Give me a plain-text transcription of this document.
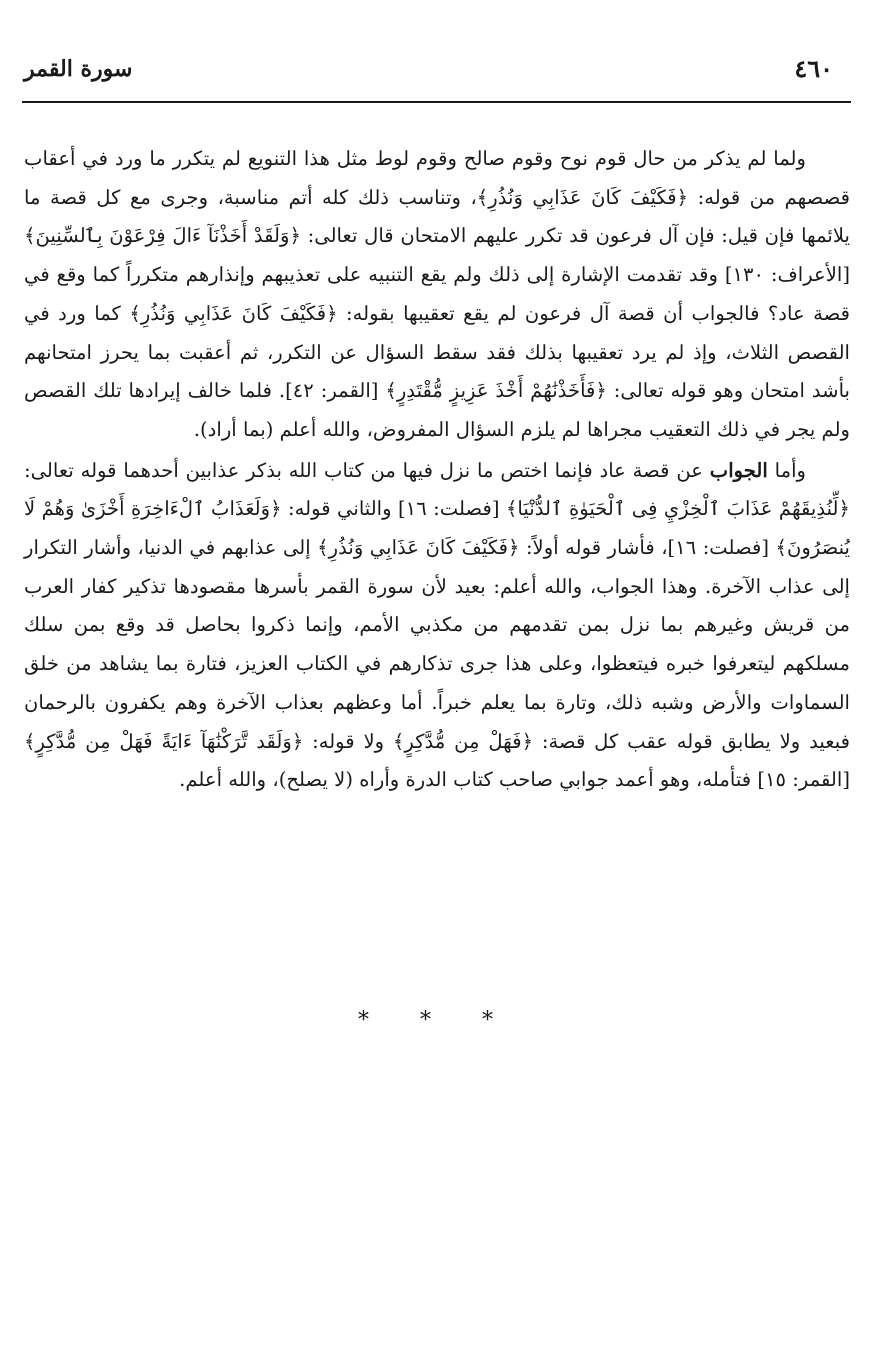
٤٦٠
سورة القمر

ولما لم يذكر من حال قوم نوح وقوم صالح وقوم لوط مثل هذا التنويع لم يتكرر ما ورد في أعقاب قصصهم من قوله: ﴿فَكَيْفَ كَانَ عَذَابِي وَنُذُرِ﴾، وتناسب ذلك كله أتم مناسبة، وجرى مع كل قصة ما يلائمها فإن قيل: فإن آل فرعون قد تكرر عليهم الامتحان قال تعالى: ﴿وَلَقَدْ أَخَذْنَآ ءَالَ فِرْعَوْنَ بِٱلسِّنِينَ﴾ [الأعراف: ١٣٠] وقد تقدمت الإشارة إلى ذلك ولم يقع التنبيه على تعذيبهم وإنذارهم متكرراً كما وقع في قصة عاد؟ فالجواب أن قصة آل فرعون لم يقع تعقيبها بقوله: ﴿فَكَيْفَ كَانَ عَذَابِي وَنُذُرِ﴾ كما ورد في القصص الثلاث، وإذ لم يرد تعقيبها بذلك فقد سقط السؤال عن التكرر، ثم أعقبت بما يحرز امتحانهم بأشد امتحان وهو قوله تعالى: ﴿فَأَخَذْنَٰهُمْ أَخْذَ عَزِيزٍ مُّقْتَدِرٍ﴾ [القمر: ٤٢]. فلما خالف إيرادها تلك القصص ولم يجر في ذلك التعقيب مجراها لم يلزم السؤال المفروض، والله أعلم (بما أراد).

وأما الجواب عن قصة عاد فإنما اختص ما نزل فيها من كتاب الله بذكر عذابين أحدهما قوله تعالى: ﴿لِّنُذِيقَهُمْ عَذَابَ ٱلْخِزْيِ فِى ٱلْحَيَوٰةِ ٱلدُّنْيَا﴾ [فصلت: ١٦] والثاني قوله: ﴿وَلَعَذَابُ ٱلْءَاخِرَةِ أَخْزَىٰ وَهُمْ لَا يُنصَرُونَ﴾ [فصلت: ١٦]، فأشار قوله أولاً: ﴿فَكَيْفَ كَانَ عَذَابِي وَنُذُرِ﴾ إلى عذابهم في الدنيا، وأشار التكرار إلى عذاب الآخرة. وهذا الجواب، والله أعلم: بعيد لأن سورة القمر بأسرها مقصودها تذكير كفار العرب من قريش وغيرهم بما نزل بمن تقدمهم من مكذبي الأمم، وإنما ذكروا بحاصل قد وقع بمن سلك مسلكهم ليتعرفوا خبره فيتعظوا، وعلى هذا جرى تذكارهم في الكتاب العزيز، فتارة بما يشاهد من خلق السماوات والأرض وشبه ذلك، وتارة بما يعلم خبراً. أما وعظهم بعذاب الآخرة وهم يكفرون بالرحمان فبعيد ولا يطابق قوله عقب كل قصة: ﴿فَهَلْ مِن مُّدَّكِرٍ﴾ ولا قوله: ﴿وَلَقَد تَّرَكْنَٰهَآ ءَايَةً فَهَلْ مِن مُّدَّكِرٍ﴾ [القمر: ١٥] فتأمله، وهو أعمد جوابي صاحب كتاب الدرة وأراه (لا يصلح)، والله أعلم.

* * *
